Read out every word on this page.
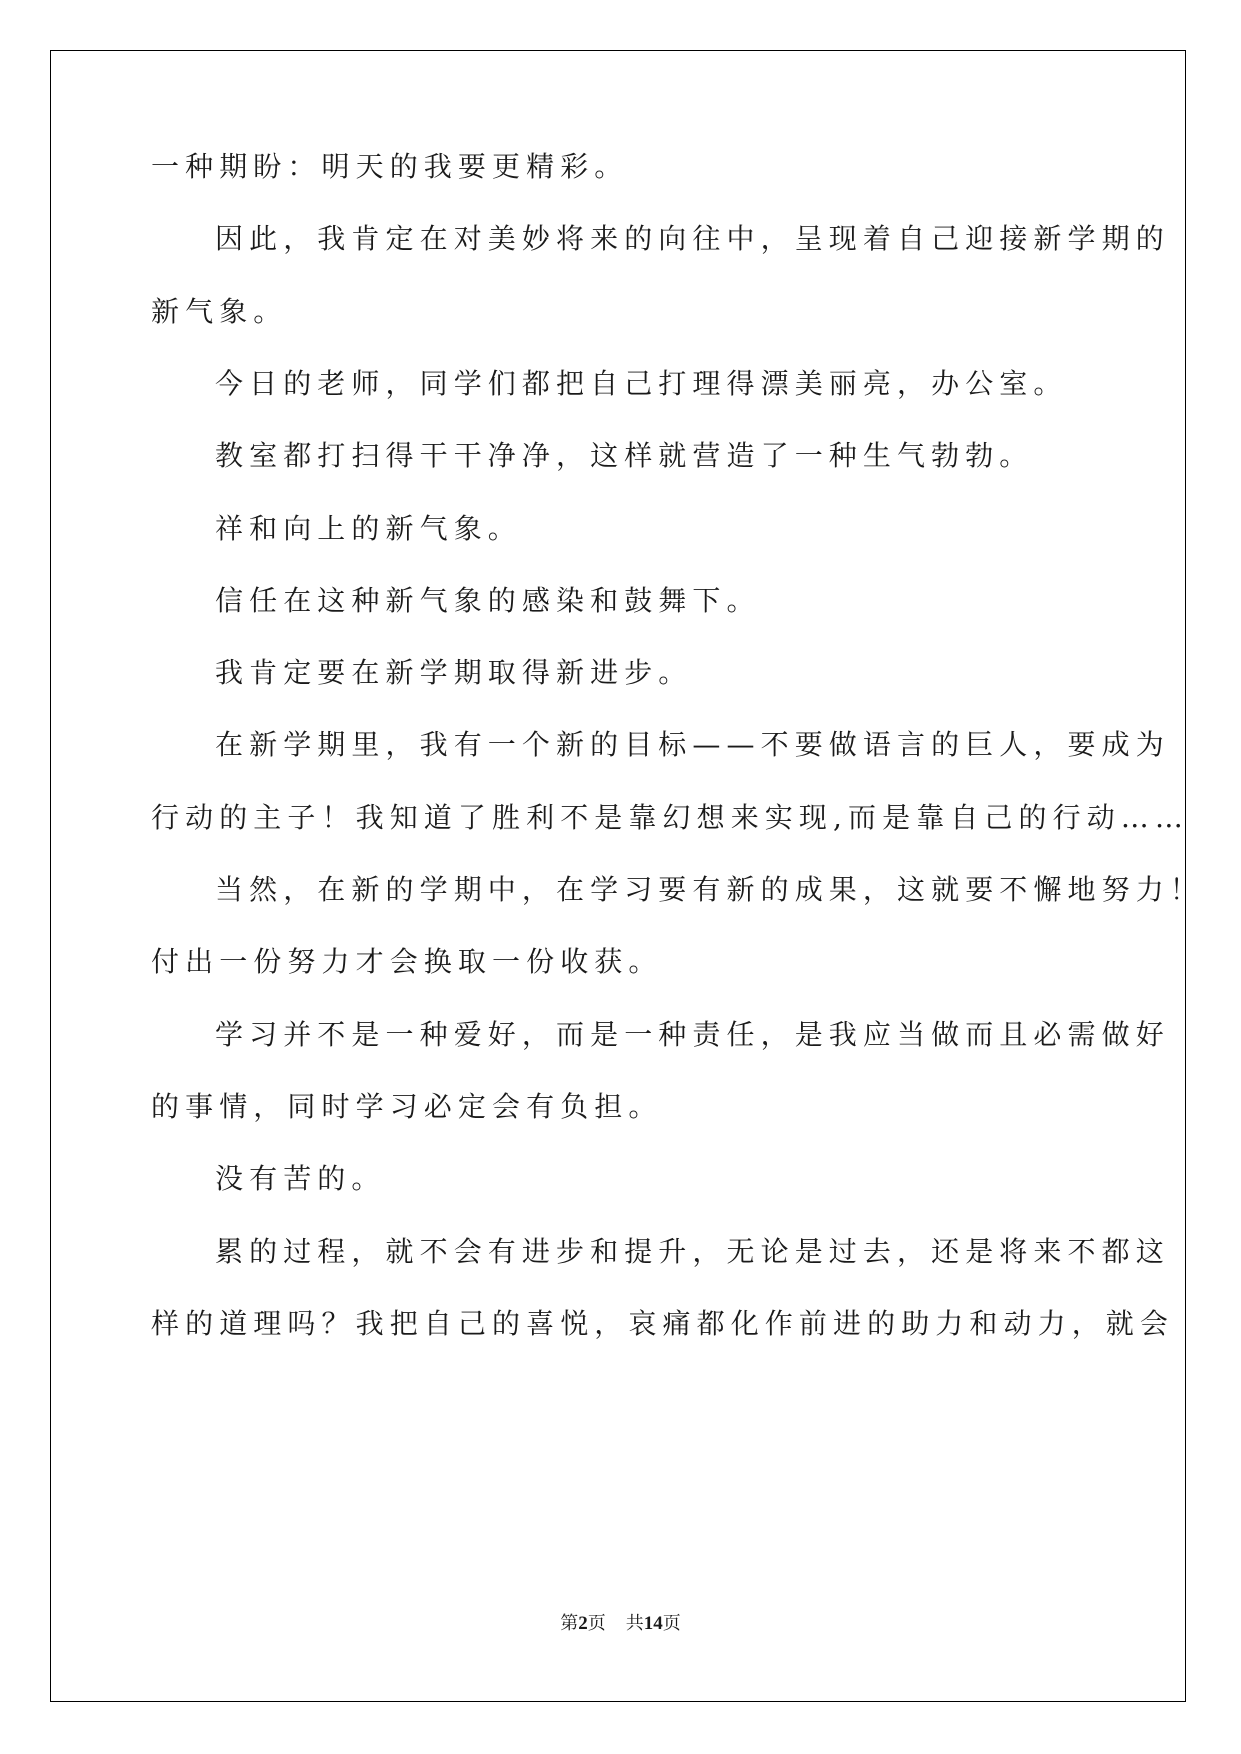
一种期盼：明天的我要更精彩。
因此，我肯定在对美妙将来的向往中，呈现着自己迎接新学期的
新气象。
今日的老师，同学们都把自己打理得漂美丽亮，办公室。
教室都打扫得干干净净，这样就营造了一种生气勃勃。
祥和向上的新气象。
信任在这种新气象的感染和鼓舞下。
我肯定要在新学期取得新进步。
在新学期里，我有一个新的目标——不要做语言的巨人，要成为
行动的主子！我知道了胜利不是靠幻想来实现,而是靠自己的行动……
当然，在新的学期中，在学习要有新的成果，这就要不懈地努力！
付出一份努力才会换取一份收获。
学习并不是一种爱好，而是一种责任，是我应当做而且必需做好
的事情，同时学习必定会有负担。
没有苦的。
累的过程，就不会有进步和提升，无论是过去，还是将来不都这
样的道理吗？我把自己的喜悦，哀痛都化作前进的助力和动力，就会
第2页 共14页
